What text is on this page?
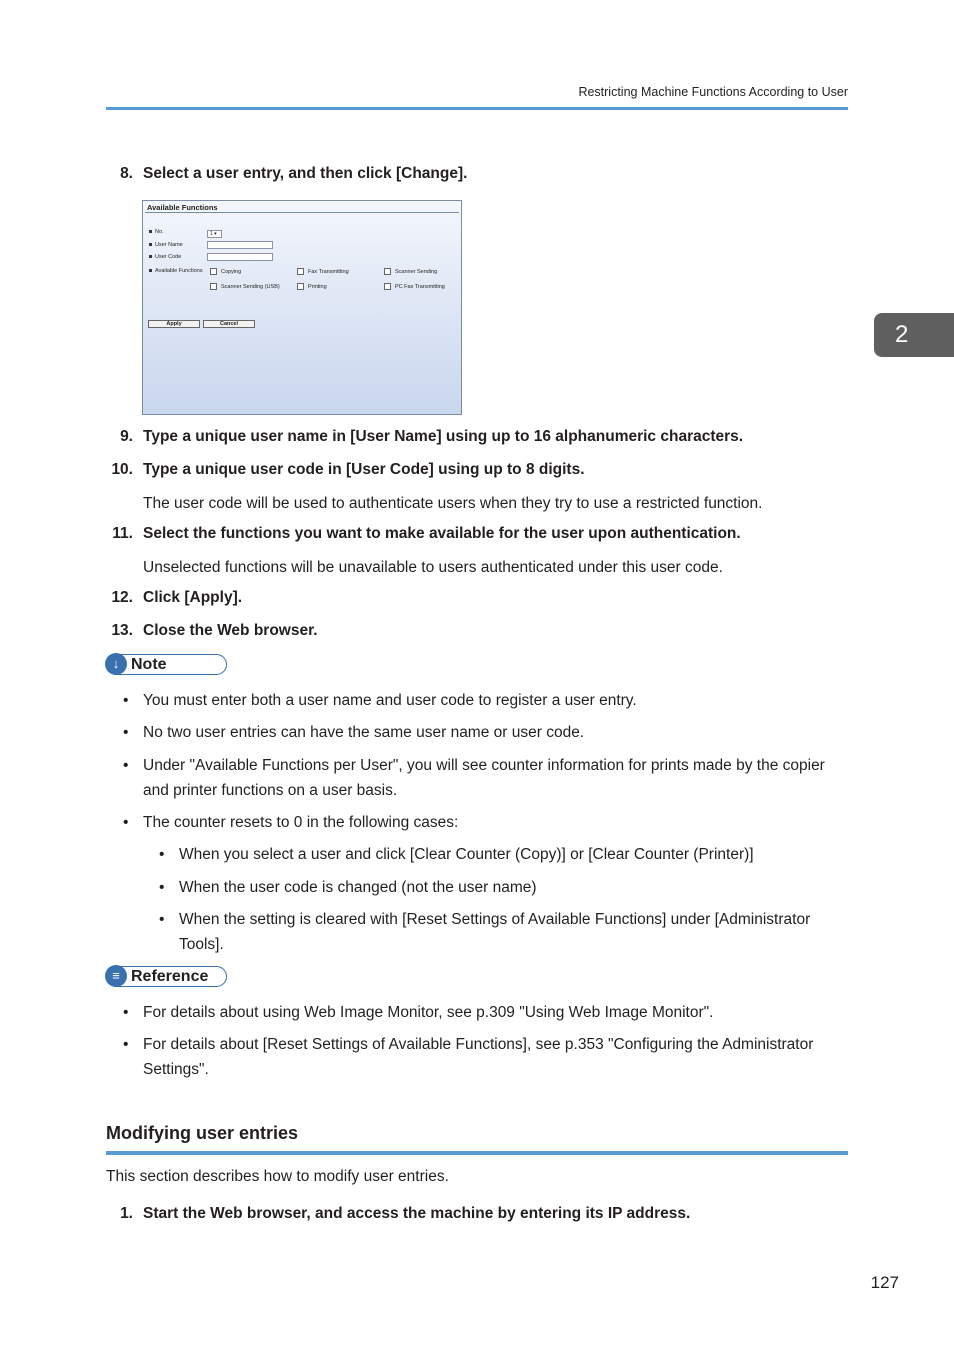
Restricting Machine Functions According to User
2
8. Select a user entry, and then click [Change].
Available Functions
No.	1 ▾
User Name
User Code
Available Functions	Copying	Fax Transmitting	Scanner Sending
Scanner Sending (USB)	Printing	PC Fax Transmitting
Apply	Cancel
9. Type a unique user name in [User Name] using up to 16 alphanumeric characters.
10. Type a unique user code in [User Code] using up to 8 digits.
The user code will be used to authenticate users when they try to use a restricted function.
11. Select the functions you want to make available for the user upon authentication.
Unselected functions will be unavailable to users authenticated under this user code.
12. Click [Apply].
13. Close the Web browser.
↓ Note
• You must enter both a user name and user code to register a user entry.
• No two user entries can have the same user name or user code.
• Under "Available Functions per User", you will see counter information for prints made by the copier and printer functions on a user basis.
• The counter resets to 0 in the following cases:
• When you select a user and click [Clear Counter (Copy)] or [Clear Counter (Printer)]
• When the user code is changed (not the user name)
• When the setting is cleared with [Reset Settings of Available Functions] under [Administrator Tools].
≡ Reference
• For details about using Web Image Monitor, see p.309 "Using Web Image Monitor".
• For details about [Reset Settings of Available Functions], see p.353 "Configuring the Administrator Settings".
Modifying user entries
This section describes how to modify user entries.
1. Start the Web browser, and access the machine by entering its IP address.
127
